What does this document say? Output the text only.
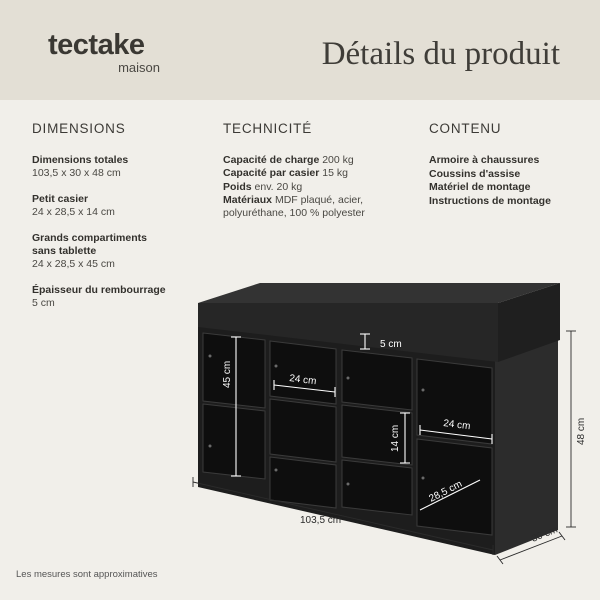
tectake
maison	Détails du produit
DIMENSIONS
Dimensions totales
103,5 x 30 x 48 cm
Petit casier
24 x 28,5 x 14 cm
Grands compartiments
sans tablette
24 x 28,5 x 45 cm
Épaisseur du rembourrage
5 cm
TECHNICITÉ
Capacité de charge 200 kg
Capacité par casier 15 kg
Poids env. 20 kg
Matériaux MDF plaqué, acier,
polyuréthane, 100 % polyester
CONTENU
Armoire à chaussures
Coussins d'assise
Matériel de montage
Instructions de montage
45 cm	24 cm
24 cm
14 cm
28,5 cm
5 cm
103,5 cm
30 cm
48 cm
Les mesures sont approximatives
